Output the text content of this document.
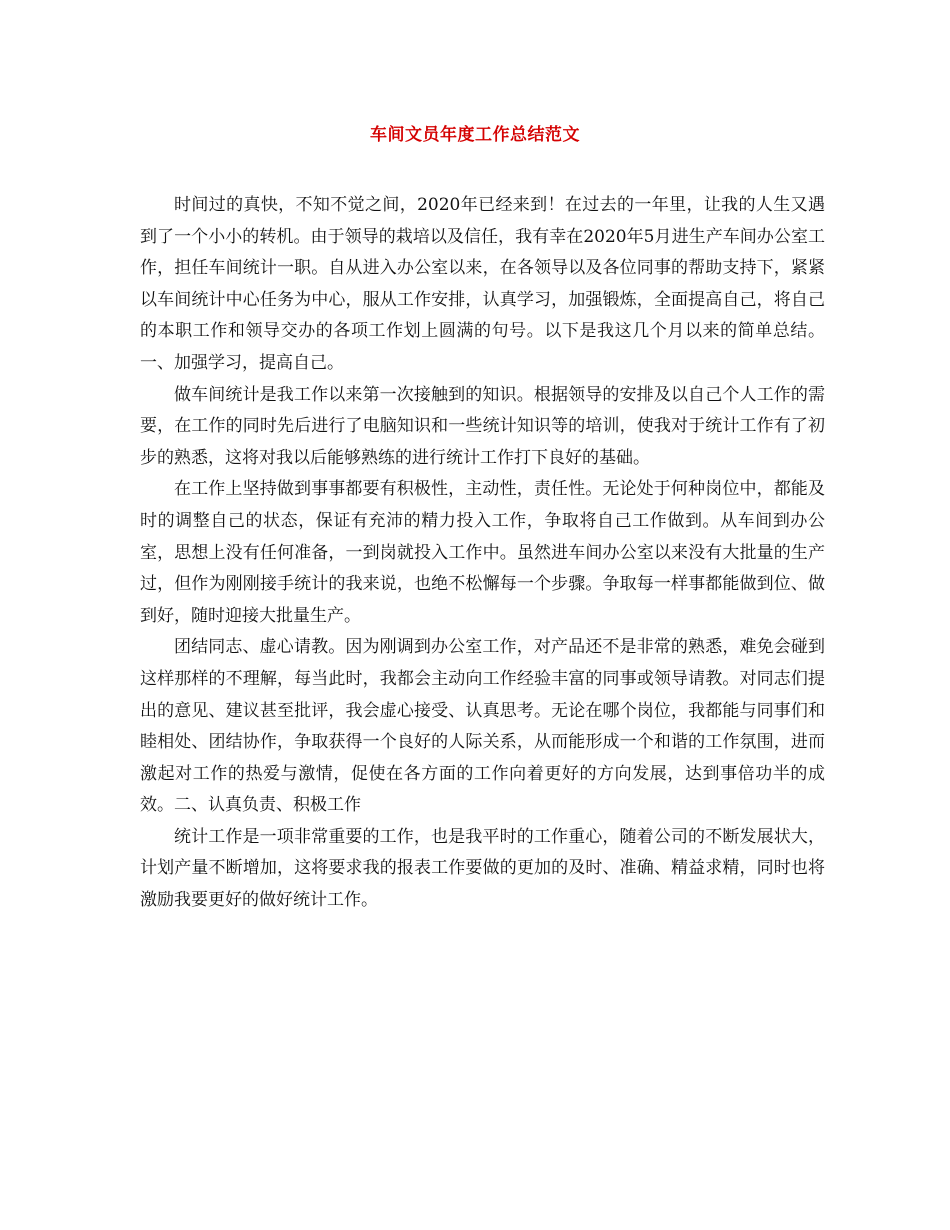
车间文员年度工作总结范文

时间过的真快，不知不觉之间，2020年已经来到！在过去的一年里，让我的人生又遇到了一个小小的转机。由于领导的栽培以及信任，我有幸在2020年5月进生产车间办公室工作，担任车间统计一职。自从进入办公室以来，在各领导以及各位同事的帮助支持下，紧紧以车间统计中心任务为中心，服从工作安排，认真学习，加强锻炼，全面提高自己，将自己的本职工作和领导交办的各项工作划上圆满的句号。以下是我这几个月以来的简单总结。一、加强学习，提高自己。

做车间统计是我工作以来第一次接触到的知识。根据领导的安排及以自己个人工作的需要，在工作的同时先后进行了电脑知识和一些统计知识等的培训，使我对于统计工作有了初步的熟悉，这将对我以后能够熟练的进行统计工作打下良好的基础。

在工作上坚持做到事事都要有积极性，主动性，责任性。无论处于何种岗位中，都能及时的调整自己的状态，保证有充沛的精力投入工作，争取将自己工作做到。从车间到办公室，思想上没有任何准备，一到岗就投入工作中。虽然进车间办公室以来没有大批量的生产过，但作为刚刚接手统计的我来说，也绝不松懈每一个步骤。争取每一样事都能做到位、做到好，随时迎接大批量生产。

团结同志、虚心请教。因为刚调到办公室工作，对产品还不是非常的熟悉，难免会碰到这样那样的不理解，每当此时，我都会主动向工作经验丰富的同事或领导请教。对同志们提出的意见、建议甚至批评，我会虚心接受、认真思考。无论在哪个岗位，我都能与同事们和睦相处、团结协作，争取获得一个良好的人际关系，从而能形成一个和谐的工作氛围，进而激起对工作的热爱与激情，促使在各方面的工作向着更好的方向发展，达到事倍功半的成效。二、认真负责、积极工作

统计工作是一项非常重要的工作，也是我平时的工作重心，随着公司的不断发展状大，计划产量不断增加，这将要求我的报表工作要做的更加的及时、准确、精益求精，同时也将激励我要更好的做好统计工作。
